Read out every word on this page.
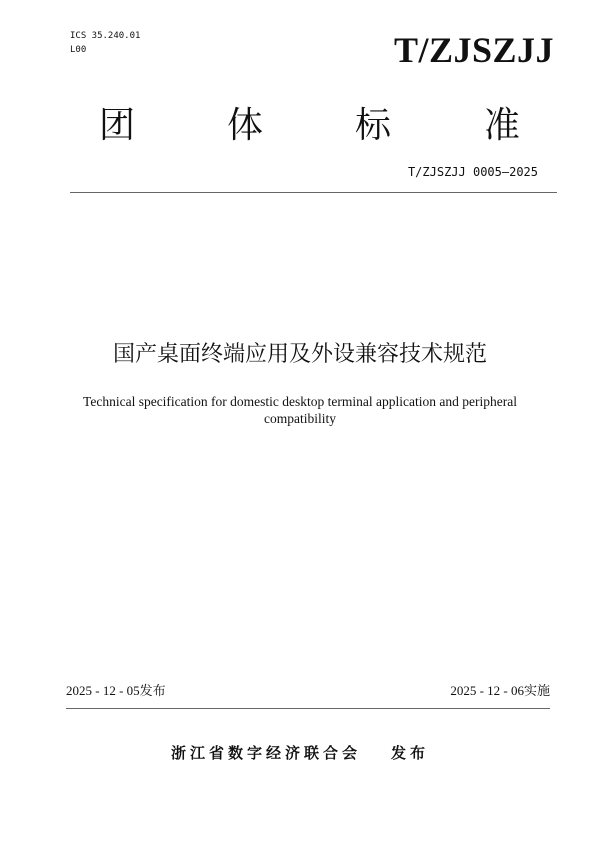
ICS 35.240.01
L00	T/ZJSZJJ
团	体	标	准
T/ZJSZJJ 0005—2025
国产桌面终端应用及外设兼容技术规范
Technical specification for domestic desktop terminal application and peripheral compatibility
2025 - 12 - 05发布	2025 - 12 - 06实施
浙江省数字经济联合会 发布
